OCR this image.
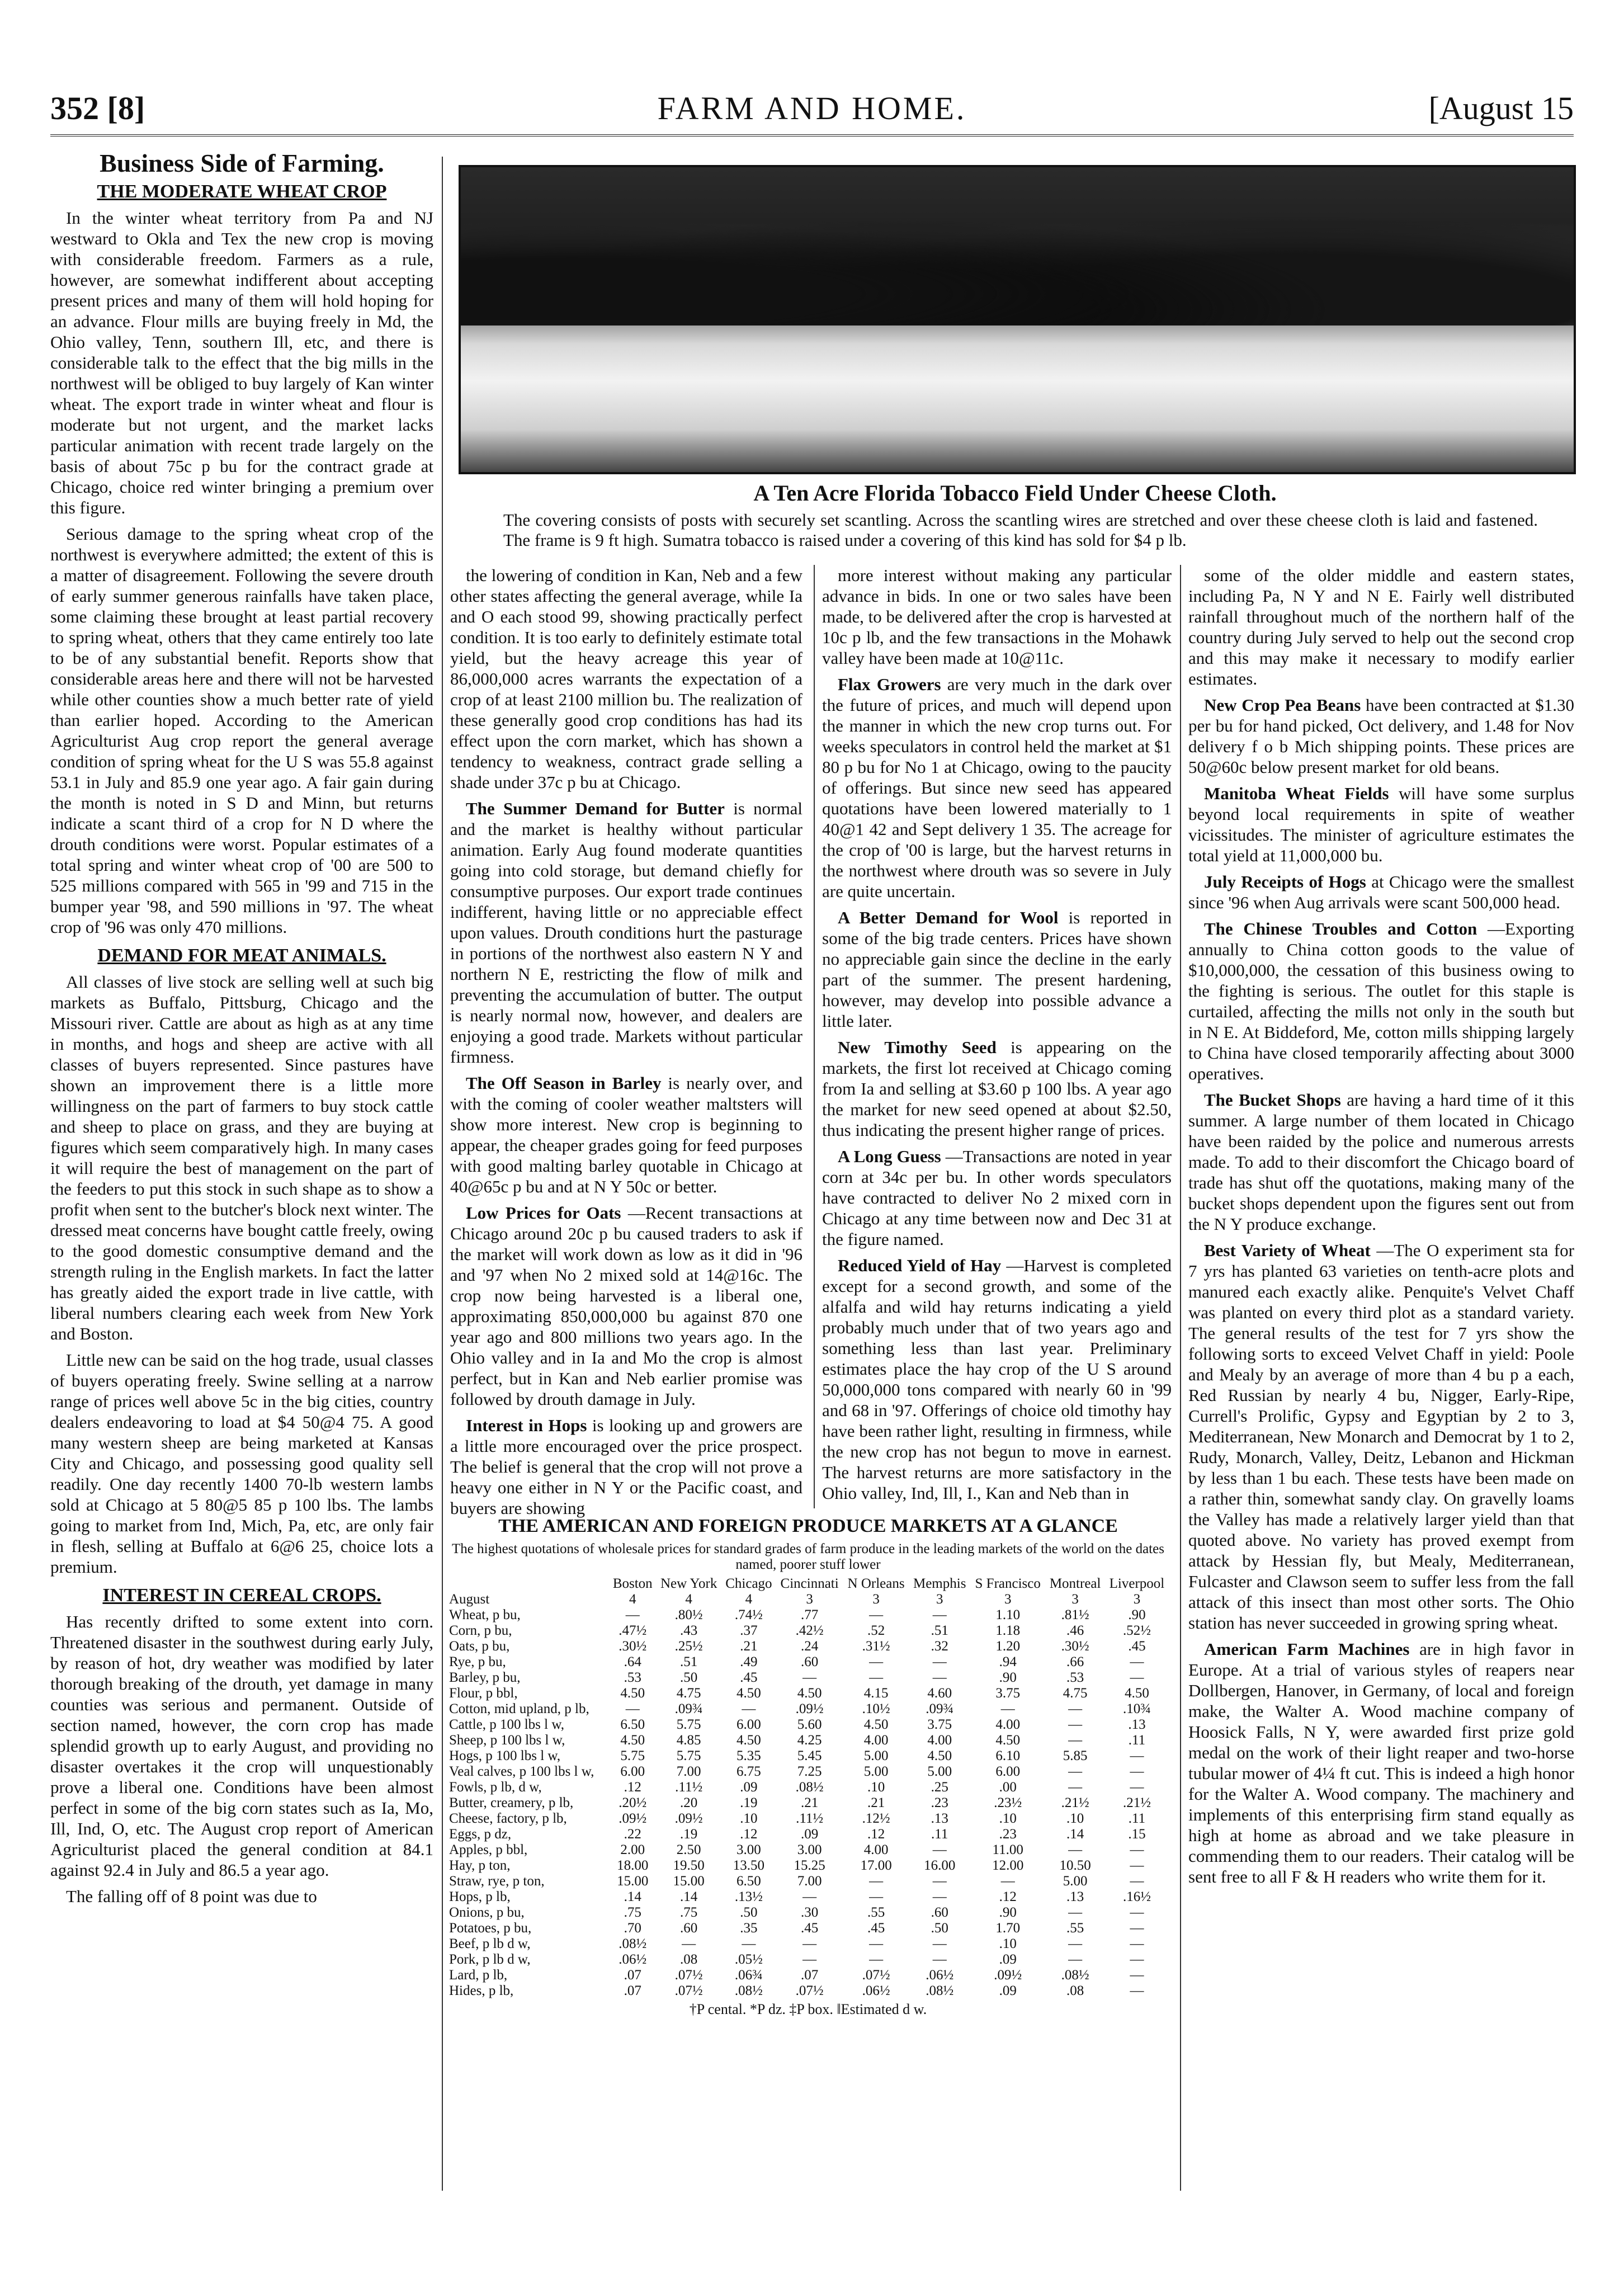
352 [8]	FARM AND HOME.	[August 15
Business Side of Farming.
THE MODERATE WHEAT CROP

In the winter wheat territory from Pa and NJ westward to Okla and Tex the new crop is moving with considerable freedom. Farmers as a rule, however, are somewhat indifferent about accepting present prices and many of them will hold hoping for an advance. Flour mills are buying freely in Md, the Ohio valley, Tenn, southern Ill, etc, and there is considerable talk to the effect that the big mills in the northwest will be obliged to buy largely of Kan winter wheat. The export trade in winter wheat and flour is moderate but not urgent, and the market lacks particular animation with recent trade largely on the basis of about 75c p bu for the contract grade at Chicago, choice red winter bringing a premium over this figure.

Serious damage to the spring wheat crop of the northwest is everywhere admitted; the extent of this is a matter of disagreement. Following the severe drouth of early summer generous rainfalls have taken place, some claiming these brought at least partial recovery to spring wheat, others that they came entirely too late to be of any substantial benefit. Reports show that considerable areas here and there will not be harvested while other counties show a much better rate of yield than earlier hoped. According to the American Agriculturist Aug crop report the general average condition of spring wheat for the U S was 55.8 against 53.1 in July and 85.9 one year ago. A fair gain during the month is noted in S D and Minn, but returns indicate a scant third of a crop for N D where the drouth conditions were worst. Popular estimates of a total spring and winter wheat crop of '00 are 500 to 525 millions compared with 565 in '99 and 715 in the bumper year '98, and 590 millions in '97. The wheat crop of '96 was only 470 millions.

DEMAND FOR MEAT ANIMALS.

All classes of live stock are selling well at such big markets as Buffalo, Pittsburg, Chicago and the Missouri river. Cattle are about as high as at any time in months, and hogs and sheep are active with all classes of buyers represented. Since pastures have shown an improvement there is a little more willingness on the part of farmers to buy stock cattle and sheep to place on grass, and they are buying at figures which seem comparatively high. In many cases it will require the best of management on the part of the feeders to put this stock in such shape as to show a profit when sent to the butcher's block next winter. The dressed meat concerns have bought cattle freely, owing to the good domestic consumptive demand and the strength ruling in the English markets. In fact the latter has greatly aided the export trade in live cattle, with liberal numbers clearing each week from New York and Boston.

Little new can be said on the hog trade, usual classes of buyers operating freely. Swine selling at a narrow range of prices well above 5c in the big cities, country dealers endeavoring to load at $4 50@4 75. A good many western sheep are being marketed at Kansas City and Chicago, and possessing good quality sell readily. One day recently 1400 70-lb western lambs sold at Chicago at 5 80@5 85 p 100 lbs. The lambs going to market from Ind, Mich, Pa, etc, are only fair in flesh, selling at Buffalo at 6@6 25, choice lots a premium.

INTEREST IN CEREAL CROPS.

Has recently drifted to some extent into corn. Threatened disaster in the southwest during early July, by reason of hot, dry weather was modified by later thorough breaking of the drouth, yet damage in many counties was serious and permanent. Outside of section named, however, the corn crop has made splendid growth up to early August, and providing no disaster overtakes it the crop will unquestionably prove a liberal one. Conditions have been almost perfect in some of the big corn states such as Ia, Mo, Ill, Ind, O, etc. The August crop report of American Agriculturist placed the general condition at 84.1 against 92.4 in July and 86.5 a year ago.

The falling off of 8 point was due to

A Ten Acre Florida Tobacco Field Under Cheese Cloth.
The covering consists of posts with securely set scantling. Across the scantling wires are stretched and over these cheese cloth is laid and fastened. The frame is 9 ft high. Sumatra tobacco is raised under a covering of this kind has sold for $4 p lb.

the lowering of condition in Kan, Neb and a few other states affecting the general average, while Ia and O each stood 99, showing practically perfect condition. It is too early to definitely estimate total yield, but the heavy acreage this year of 86,000,000 acres warrants the expectation of a crop of at least 2100 million bu. The realization of these generally good crop conditions has had its effect upon the corn market, which has shown a tendency to weakness, contract grade selling a shade under 37c p bu at Chicago.

The Summer Demand for Butter is normal and the market is healthy without particular animation. Early Aug found moderate quantities going into cold storage, but demand chiefly for consumptive purposes. Our export trade continues indifferent, having little or no appreciable effect upon values. Drouth conditions hurt the pasturage in portions of the northwest also eastern N Y and northern N E, restricting the flow of milk and preventing the accumulation of butter. The output is nearly normal now, however, and dealers are enjoying a good trade. Markets without particular firmness.

The Off Season in Barley is nearly over, and with the coming of cooler weather maltsters will show more interest. New crop is beginning to appear, the cheaper grades going for feed purposes with good malting barley quotable in Chicago at 40@65c p bu and at N Y 50c or better.

Low Prices for Oats —Recent transactions at Chicago around 20c p bu caused traders to ask if the market will work down as low as it did in '96 and '97 when No 2 mixed sold at 14@16c. The crop now being harvested is a liberal one, approximating 850,000,000 bu against 870 one year ago and 800 millions two years ago. In the Ohio valley and in Ia and Mo the crop is almost perfect, but in Kan and Neb earlier promise was followed by drouth damage in July.

Interest in Hops is looking up and growers are a little more encouraged over the price prospect. The belief is general that the crop will not prove a heavy one either in N Y or the Pacific coast, and buyers are showing

more interest without making any particular advance in bids. In one or two sales have been made, to be delivered after the crop is harvested at 10c p lb, and the few transactions in the Mohawk valley have been made at 10@11c.

Flax Growers are very much in the dark over the future of prices, and much will depend upon the manner in which the new crop turns out. For weeks speculators in control held the market at $1 80 p bu for No 1 at Chicago, owing to the paucity of offerings. But since new seed has appeared quotations have been lowered materially to 1 40@1 42 and Sept delivery 1 35. The acreage for the crop of '00 is large, but the harvest returns in the northwest where drouth was so severe in July are quite uncertain.

A Better Demand for Wool is reported in some of the big trade centers. Prices have shown no appreciable gain since the decline in the early part of the summer. The present hardening, however, may develop into possible advance a little later.

New Timothy Seed is appearing on the markets, the first lot received at Chicago coming from Ia and selling at $3.60 p 100 lbs. A year ago the market for new seed opened at about $2.50, thus indicating the present higher range of prices.

A Long Guess —Transactions are noted in year corn at 34c per bu. In other words speculators have contracted to deliver No 2 mixed corn in Chicago at any time between now and Dec 31 at the figure named.

Reduced Yield of Hay —Harvest is completed except for a second growth, and some of the alfalfa and wild hay returns indicating a yield probably much under that of two years ago and something less than last year. Preliminary estimates place the hay crop of the U S around 50,000,000 tons compared with nearly 60 in '99 and 68 in '97. Offerings of choice old timothy hay have been rather light, resulting in firmness, while the new crop has not begun to move in earnest. The harvest returns are more satisfactory in the Ohio valley, Ind, Ill, I., Kan and Neb than in

some of the older middle and eastern states, including Pa, N Y and N E. Fairly well distributed rainfall throughout much of the northern half of the country during July served to help out the second crop and this may make it necessary to modify earlier estimates.

New Crop Pea Beans have been contracted at $1.30 per bu for hand picked, Oct delivery, and 1.48 for Nov delivery f o b Mich shipping points. These prices are 50@60c below present market for old beans.

Manitoba Wheat Fields will have some surplus beyond local requirements in spite of weather vicissitudes. The minister of agriculture estimates the total yield at 11,000,000 bu.

July Receipts of Hogs at Chicago were the smallest since '96 when Aug arrivals were scant 500,000 head.

The Chinese Troubles and Cotton —Exporting annually to China cotton goods to the value of $10,000,000, the cessation of this business owing to the fighting is serious. The outlet for this staple is curtailed, affecting the mills not only in the south but in N E. At Biddeford, Me, cotton mills shipping largely to China have closed temporarily affecting about 3000 operatives.

The Bucket Shops are having a hard time of it this summer. A large number of them located in Chicago have been raided by the police and numerous arrests made. To add to their discomfort the Chicago board of trade has shut off the quotations, making many of the bucket shops dependent upon the figures sent out from the N Y produce exchange.

Best Variety of Wheat —The O experiment sta for 7 yrs has planted 63 varieties on tenth-acre plots and manured each exactly alike. Penquite's Velvet Chaff was planted on every third plot as a standard variety. The general results of the test for 7 yrs show the following sorts to exceed Velvet Chaff in yield: Poole and Mealy by an average of more than 4 bu p a each, Red Russian by nearly 4 bu, Nigger, Early-Ripe, Currell's Prolific, Gypsy and Egyptian by 2 to 3, Mediterranean, New Monarch and Democrat by 1 to 2, Rudy, Monarch, Valley, Deitz, Lebanon and Hickman by less than 1 bu each. These tests have been made on a rather thin, somewhat sandy clay. On gravelly loams the Valley has made a relatively larger yield than that quoted above. No variety has proved exempt from attack by Hessian fly, but Mealy, Mediterranean, Fulcaster and Clawson seem to suffer less from the fall attack of this insect than most other sorts. The Ohio station has never succeeded in growing spring wheat.

American Farm Machines are in high favor in Europe. At a trial of various styles of reapers near Dollbergen, Hanover, in Germany, of local and foreign make, the Walter A. Wood machine company of Hoosick Falls, N Y, were awarded first prize gold medal on the work of their light reaper and two-horse tubular mower of 4¼ ft cut. This is indeed a high honor for the Walter A. Wood company. The machinery and implements of this enterprising firm stand equally as high at home as abroad and we take pleasure in commending them to our readers. Their catalog will be sent free to all F & H readers who write them for it.

THE AMERICAN AND FOREIGN PRODUCE MARKETS AT A GLANCE
The highest quotations of wholesale prices for standard grades of farm produce in the leading markets of the world on the dates named, poorer stuff lower
	Boston	New York	Chicago	Cincinnati	N Orleans	Memphis	S Francisco	Montreal	Liverpool
August	4	4	4	3	3	3	3	3	3
Wheat, p bu,	—	.80½	.74½	.77	—	—	1.10	.81½	.90
Corn, p bu,	.47½	.43	.37	.42½	.52	.51	1.18	.46	.52½
Oats, p bu,	.30½	.25½	.21	.24	.31½	.32	1.20	.30½	.45
Rye, p bu,	.64	.51	.49	.60	—	—	.94	.66	—
Barley, p bu,	.53	.50	.45	—	—	—	.90	.53	—
Flour, p bbl,	4.50	4.75	4.50	4.50	4.15	4.60	3.75	4.75	4.50
Cotton, mid upland, p lb,	—	.09¾	—	.09½	.10½	.09¾	—	—	.10¾
Cattle, p 100 lbs l w,	6.50	5.75	6.00	5.60	4.50	3.75	4.00	—	.13
Sheep, p 100 lbs l w,	4.50	4.85	4.50	4.25	4.00	4.00	4.50	—	.11
Hogs, p 100 lbs l w,	5.75	5.75	5.35	5.45	5.00	4.50	6.10	5.85	—
Veal calves, p 100 lbs l w,	6.00	7.00	6.75	7.25	5.00	5.00	6.00	—	—
Fowls, p lb, d w,	.12	.11½	.09	.08½	.10	.25	.00	—	—
Butter, creamery, p lb,	.20½	.20	.19	.21	.21	.23	.23½	.21½	.21½
Cheese, factory, p lb,	.09½	.09½	.10	.11½	.12½	.13	.10	.10	.11
Eggs, p dz,	.22	.19	.12	.09	.12	.11	.23	.14	.15
Apples, p bbl,	2.00	2.50	3.00	3.00	4.00	—	11.00	—	—
Hay, p ton,	18.00	19.50	13.50	15.25	17.00	16.00	12.00	10.50	—
Straw, rye, p ton,	15.00	15.00	6.50	7.00	—	—	—	5.00	—
Hops, p lb,	.14	.14	.13½	—	—	—	.12	.13	.16½
Onions, p bu,	.75	.75	.50	.30	.55	.60	.90	—	—
Potatoes, p bu,	.70	.60	.35	.45	.45	.50	1.70	.55	—
Beef, p lb d w,	.08½	—	—	—	—	—	.10	—	—
Pork, p lb d w,	.06½	.08	.05½	—	—	—	.09	—	—
Lard, p lb,	.07	.07½	.06¾	.07	.07½	.06½	.09½	.08½	—
Hides, p lb,	.07	.07½	.08½	.07½	.06½	.08½	.09	.08	—
†P cental. *P dz. ‡P box. ‖Estimated d w.
